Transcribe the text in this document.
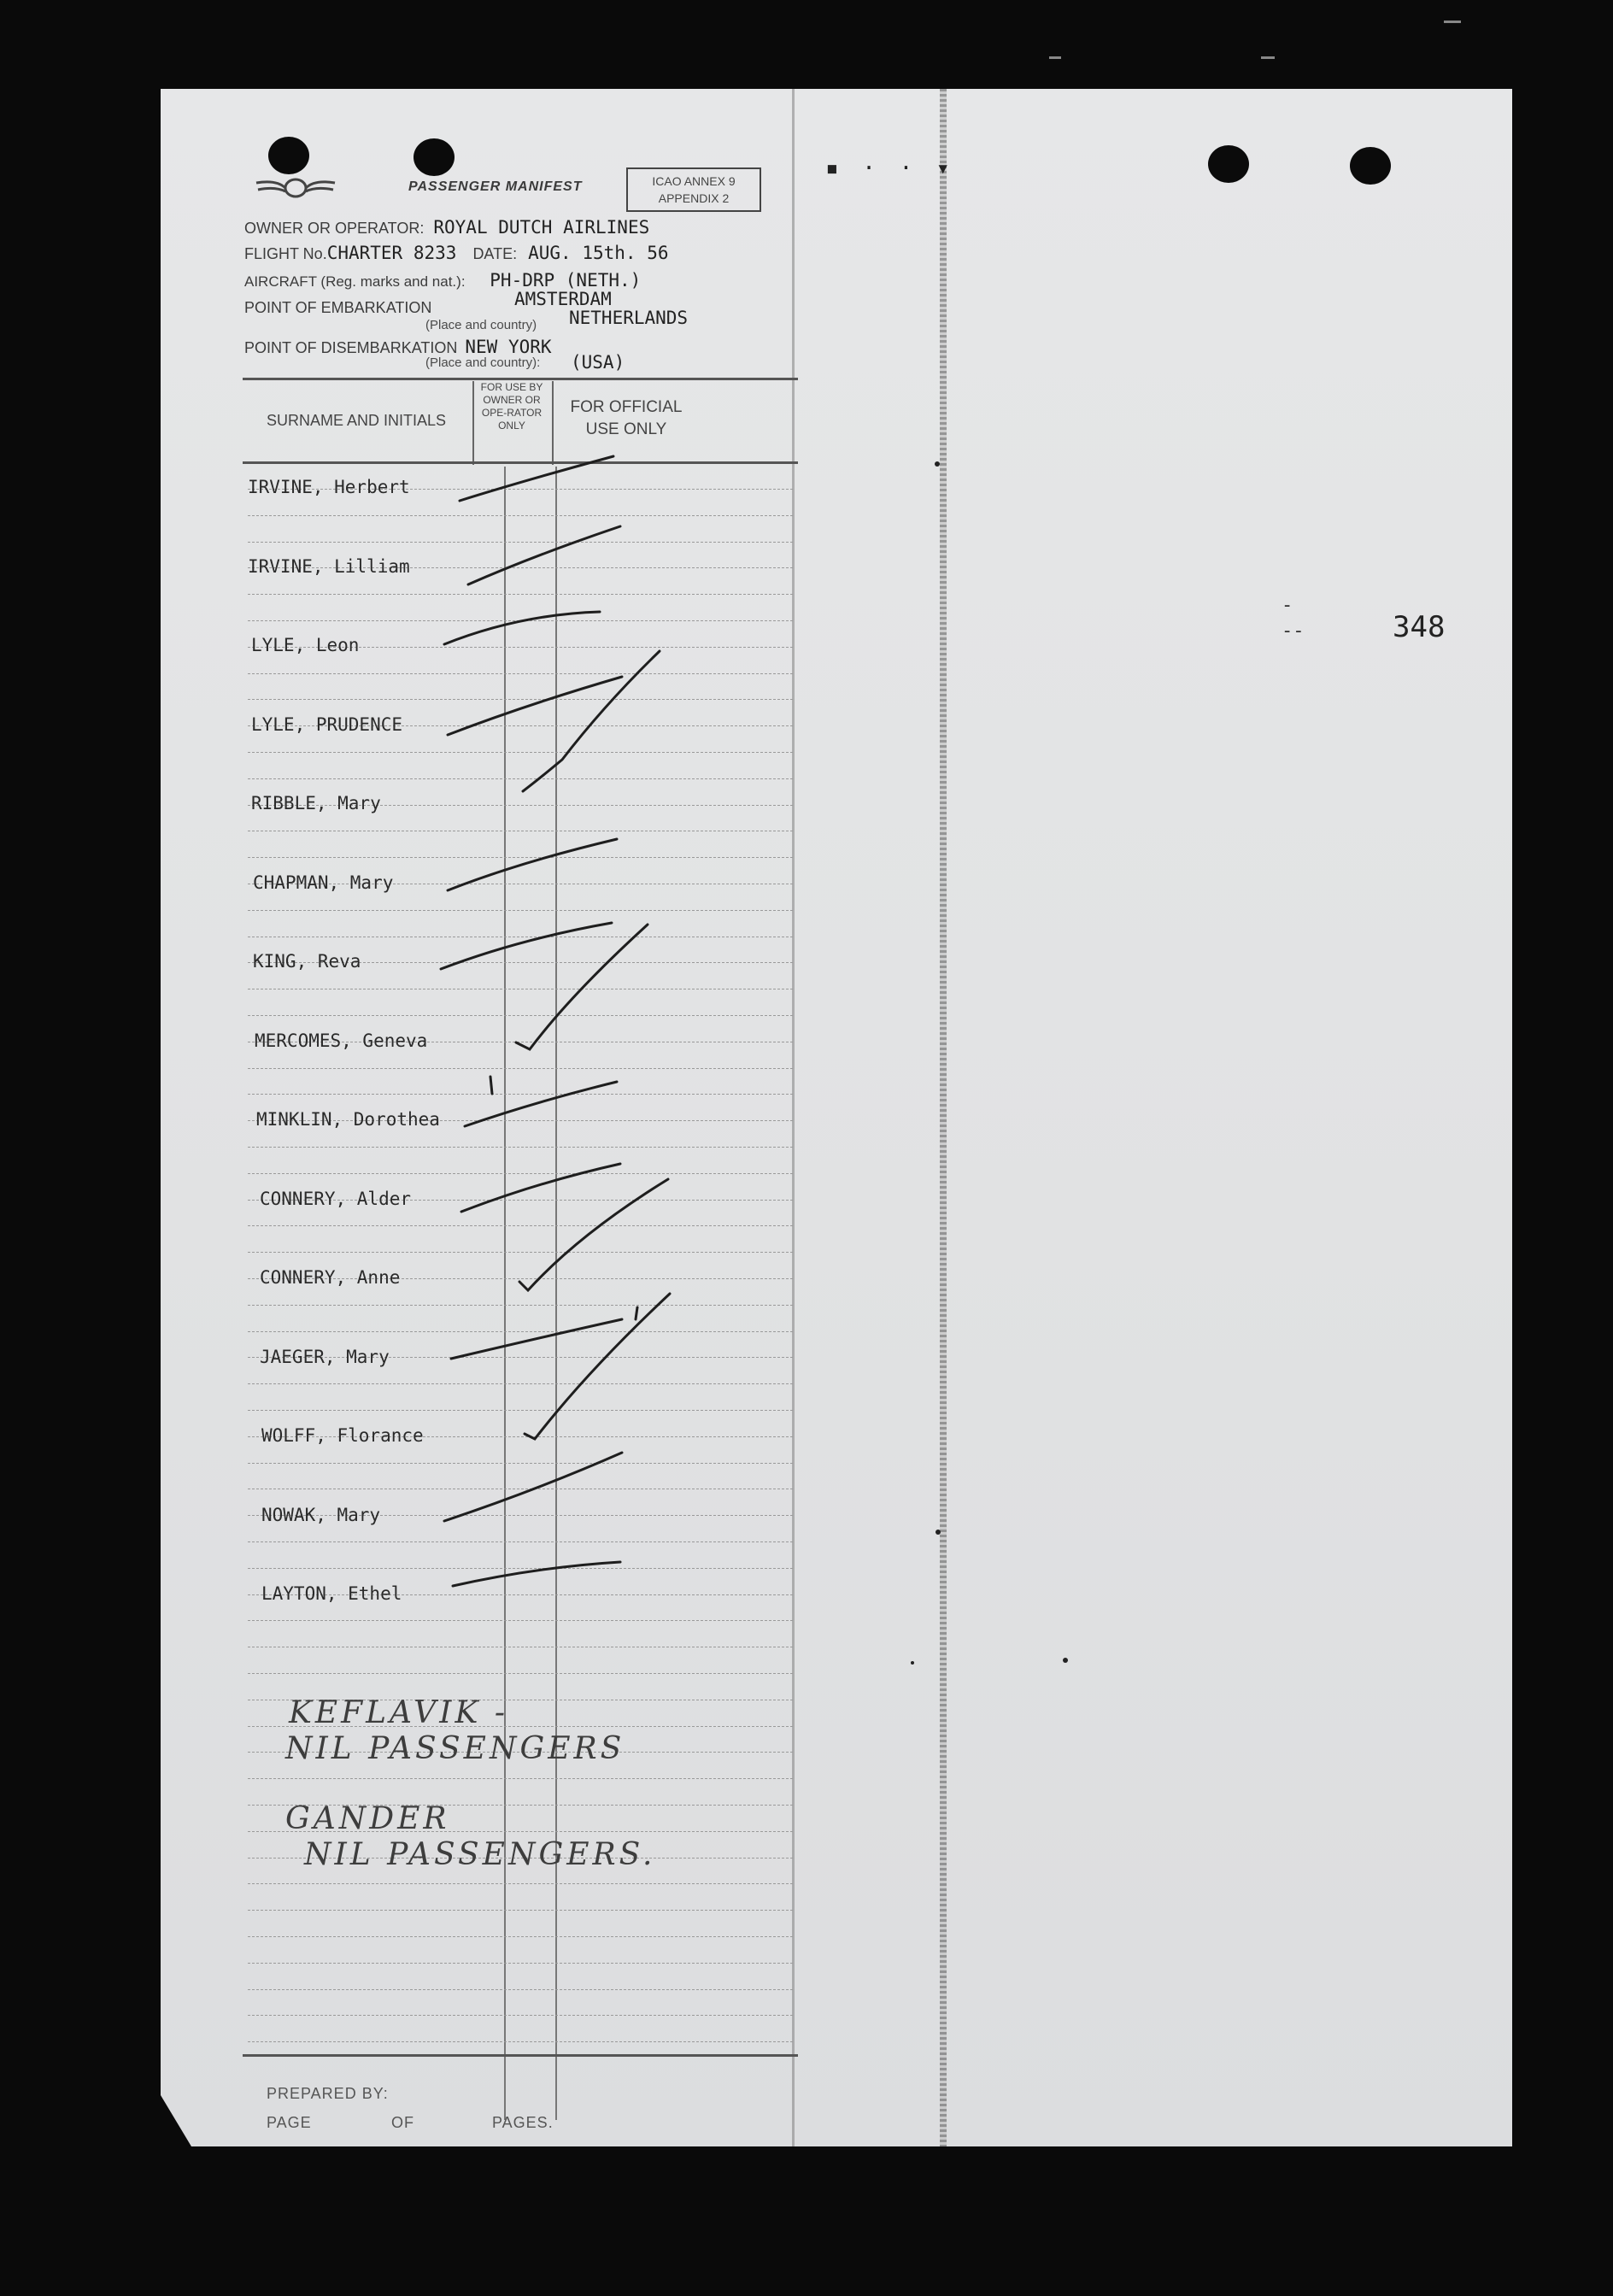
▪ · · ▾
PASSENGER MANIFEST	ICAO ANNEX 9
APPENDIX 2
OWNER OR OPERATOR: ROYAL DUTCH AIRLINES
FLIGHT No.CHARTER 8233 DATE: AUG. 15th. 56
AIRCRAFT (Reg. marks and nat.): PH-DRP (NETH.)
POINT OF EMBARKATION	AMSTERDAM
(Place and country) NETHERLANDS
POINT OF DISEMBARKATION NEW YORK
(Place and country): (USA)
SURNAME AND INITIALS
FOR USE BY OWNER OR OPE-RATOR ONLY
FOR OFFICIAL USE ONLY
IRVINE, Herbert
IRVINE, Lilliam
LYLE, Leon
LYLE, PRUDENCE
RIBBLE, Mary
CHAPMAN, Mary
KING, Reva
MERCOMES, Geneva
MINKLIN, Dorothea
CONNERY, Alder
CONNERY, Anne
JAEGER, Mary
WOLFF, Florance
NOWAK, Mary
LAYTON, Ethel
KEFLAVIK -
NIL PASSENGERS
GANDER
NIL PASSENGERS.
PREPARED BY:
PAGE	OF	PAGES.
-
--	348
